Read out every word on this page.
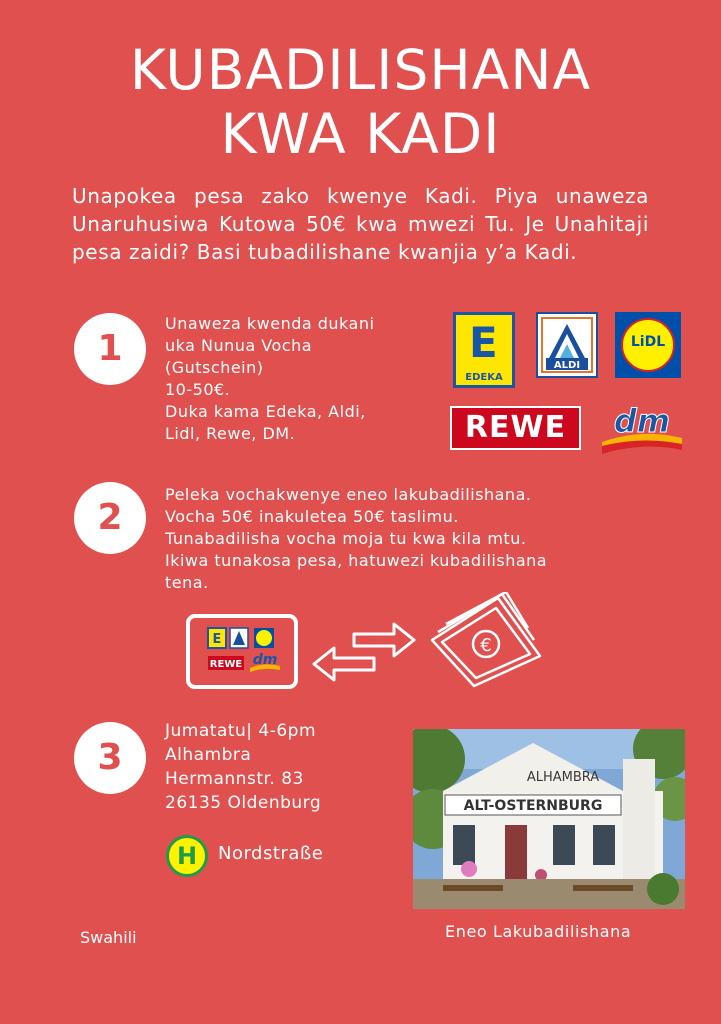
KUBADILISHANA
KWA KADI
Unapokea pesa zako kwenye Kadi. Piya unaweza Unaruhusiwa Kutowa 50€ kwa mwezi Tu. Je Unahitaji pesa zaidi? Basi tubadilishane kwanjia y’a Kadi.
1
Unaweza kwenda dukani
uka Nunua Vocha
(Gutschein)
10-50€.
Duka kama Edeka, Aldi,
Lidl, Rewe, DM.
E
EDEKA
ALDI
LiDL
REWE	dm
2
Peleka vochakwenye eneo lakubadilishana.
Vocha 50€ inakuletea 50€ taslimu.
Tunabadilisha vocha moja tu kwa kila mtu.
Ikiwa tunakosa pesa, hatuwezi kubadilishana
tena.
E
REWE dm
€
3
Jumatatu| 4-6pm
Alhambra
Hermannstr. 83
26135 Oldenburg
H	Nordstraße
ALHAMBRA
ALT-OSTERNBURG
Eneo Lakubadilishana
Swahili
